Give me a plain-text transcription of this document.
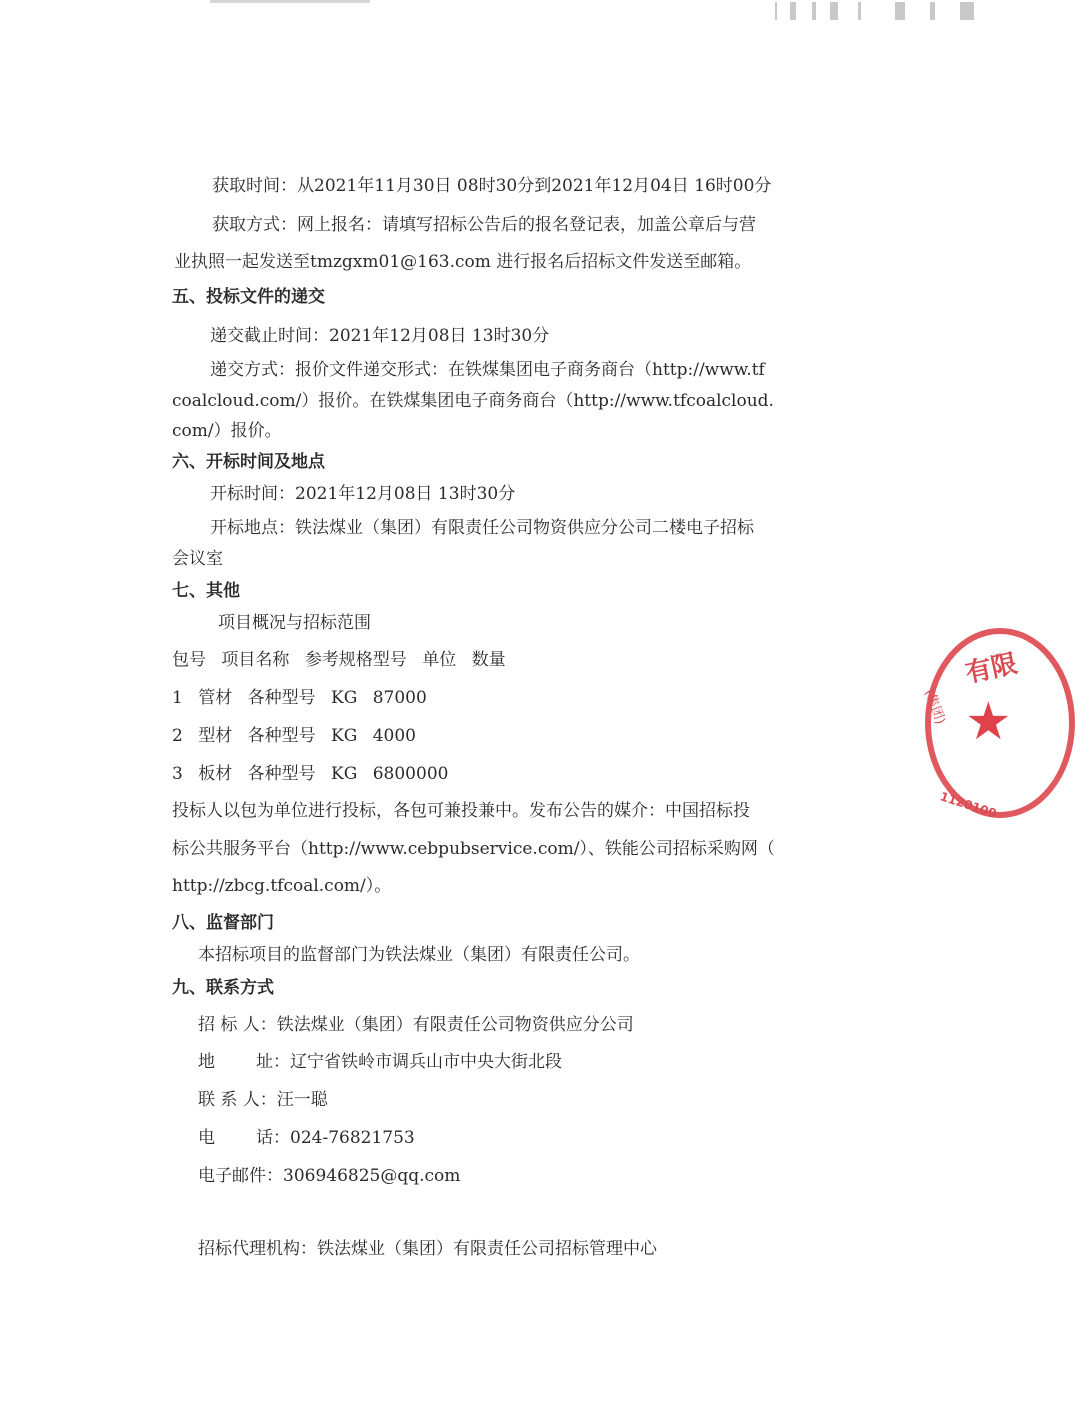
获取时间：从2021年11月30日 08时30分到2021年12月04日 16时00分
获取方式：网上报名：请填写招标公告后的报名登记表，加盖公章后与营
业执照一起发送至tmzgxm01@163.com 进行报名后招标文件发送至邮箱。
五、投标文件的递交
递交截止时间：2021年12月08日 13时30分
递交方式：报价文件递交形式：在铁煤集团电子商务商台（http://www.tf
coalcloud.com/）报价。在铁煤集团电子商务商台（http://www.tfcoalcloud.
com/）报价。
六、开标时间及地点
开标时间：2021年12月08日 13时30分
开标地点：铁法煤业（集团）有限责任公司物资供应分公司二楼电子招标
会议室
七、其他
项目概况与招标范围
包号 项目名称 参考规格型号 单位 数量
1 管材 各种型号 KG 87000
2 型材 各种型号 KG 4000
3 板材 各种型号 KG 6800000
投标人以包为单位进行投标，各包可兼投兼中。发布公告的媒介：中国招标投
标公共服务平台（http://www.cebpubservice.com/）、铁能公司招标采购网（
http://zbcg.tfcoal.com/）。
八、监督部门
本招标项目的监督部门为铁法煤业（集团）有限责任公司。
九、联系方式
招 标 人：铁法煤业（集团）有限责任公司物资供应分公司
地 址：辽宁省铁岭市调兵山市中央大街北段
联 系 人：汪一聪
电 话：024-76821753
电子邮件：306946825@qq.com
招标代理机构：铁法煤业（集团）有限责任公司招标管理中心
有限
(集团) ★
1120100
